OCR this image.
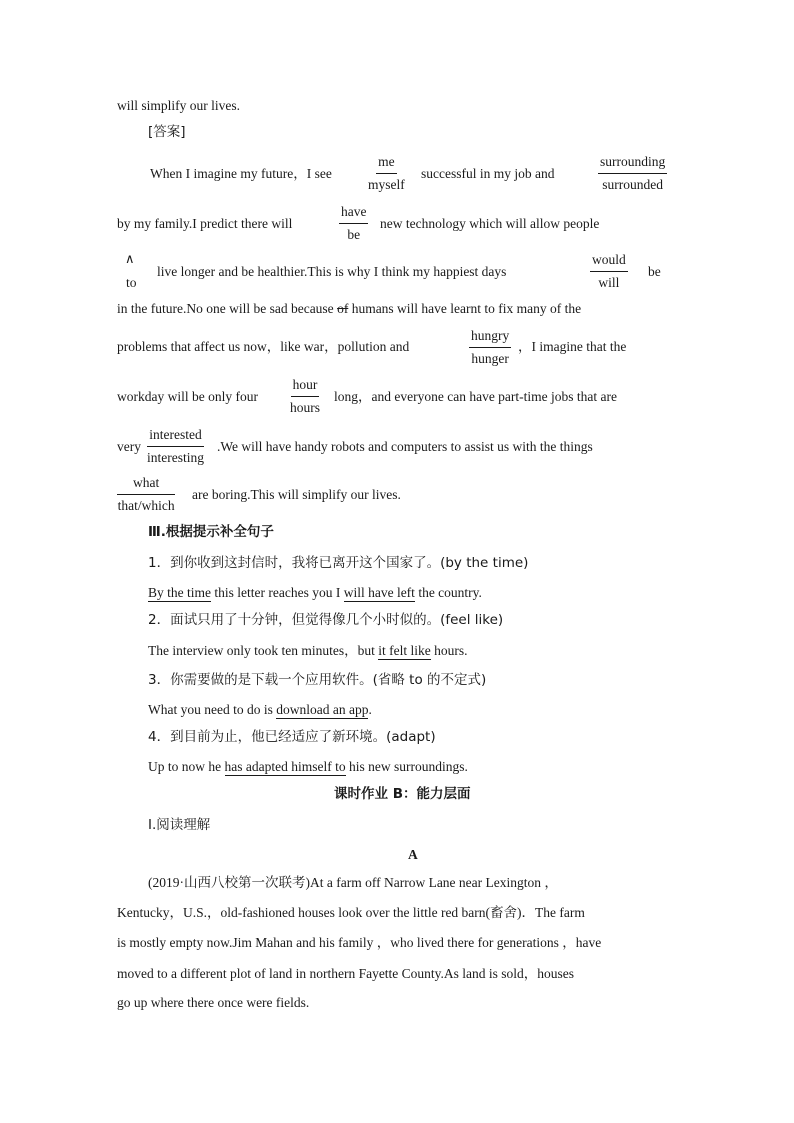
will simplify our lives.
[答案]
When I imagine my future，I see
me
myself
successful in my job and
surrounding
surrounded
by my family.I predict there will
have
be
new technology which will allow people
∧
to
live longer and be healthier.This is why I think my happiest days
would
will
be
in the future.No one will be sad because of humans will have learnt to fix many of the
problems that affect us now，like war，pollution and
hungry
hunger
，I imagine that the
workday will be only four
hour
hours
long，and everyone can have part-time jobs that are
very
interested
interesting
.We will have handy robots and computers to assist us with the things
what
that/which
are boring.This will simplify our lives.
Ⅲ.根据提示补全句子
1．到你收到这封信时，我将已离开这个国家了。(by the time)
By the time this letter reaches you I will have left the country.
2．面试只用了十分钟，但觉得像几个小时似的。(feel like)
The interview only took ten minutes，but it felt like hours.
3．你需要做的是下载一个应用软件。(省略 to 的不定式)
What you need to do is download an app.
4．到目前为止，他已经适应了新环境。(adapt)
Up to now he has adapted himself to his new surroundings.
课时作业 B：能力层面
Ⅰ.阅读理解
A
(2019·山西八校第一次联考)At a farm off Narrow Lane near Lexington ，
Kentucky，U.S.，old-fashioned houses look over the little red barn(畜舍)．The farm
is mostly empty now.Jim Mahan and his family ，who lived there for generations ，have
moved to a different plot of land in northern Fayette County.As land is sold，houses
go up where there once were fields.
